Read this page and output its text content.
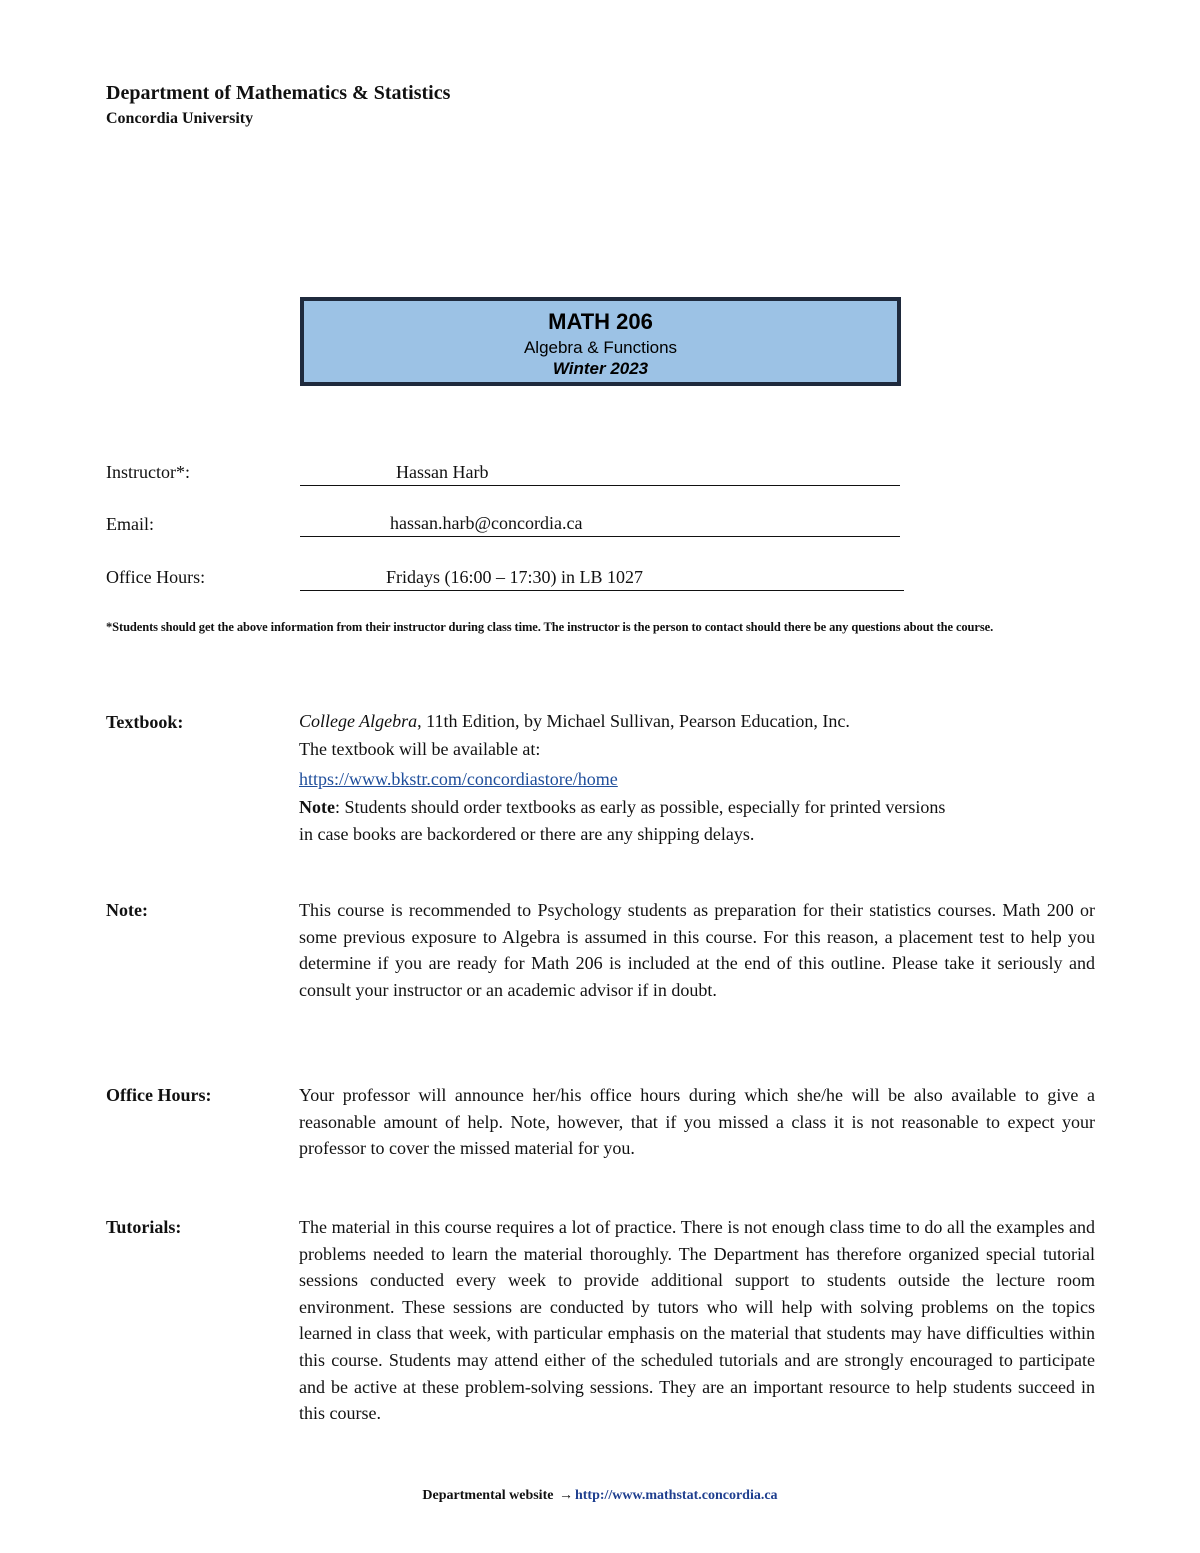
Department of Mathematics & Statistics
Concordia University
MATH 206
Algebra & Functions
Winter 2023
Instructor*:	Hassan Harb
Email:	hassan.harb@concordia.ca
Office Hours:	Fridays (16:00 – 17:30) in LB 1027
*Students should get the above information from their instructor during class time. The instructor is the person to contact should there be any questions about the course.
Textbook:	College Algebra, 11th Edition, by Michael Sullivan, Pearson Education, Inc.
The textbook will be available at:
https://www.bkstr.com/concordiastore/home
Note: Students should order textbooks as early as possible, especially for printed versions
in case books are backordered or there are any shipping delays.
Note:	This course is recommended to Psychology students as preparation for their statistics courses. Math 200 or some previous exposure to Algebra is assumed in this course. For this reason, a placement test to help you determine if you are ready for Math 206 is included at the end of this outline. Please take it seriously and consult your instructor or an academic advisor if in doubt.
Office Hours:	Your professor will announce her/his office hours during which she/he will be also available to give a reasonable amount of help. Note, however, that if you missed a class it is not reasonable to expect your professor to cover the missed material for you.
Tutorials:	The material in this course requires a lot of practice. There is not enough class time to do all the examples and problems needed to learn the material thoroughly. The Department has therefore organized special tutorial sessions conducted every week to provide additional support to students outside the lecture room environment. These sessions are conducted by tutors who will help with solving problems on the topics learned in class that week, with particular emphasis on the material that students may have difficulties within this course. Students may attend either of the scheduled tutorials and are strongly encouraged to participate and be active at these problem-solving sessions. They are an important resource to help students succeed in this course.
Departmental website → http://www.mathstat.concordia.ca
